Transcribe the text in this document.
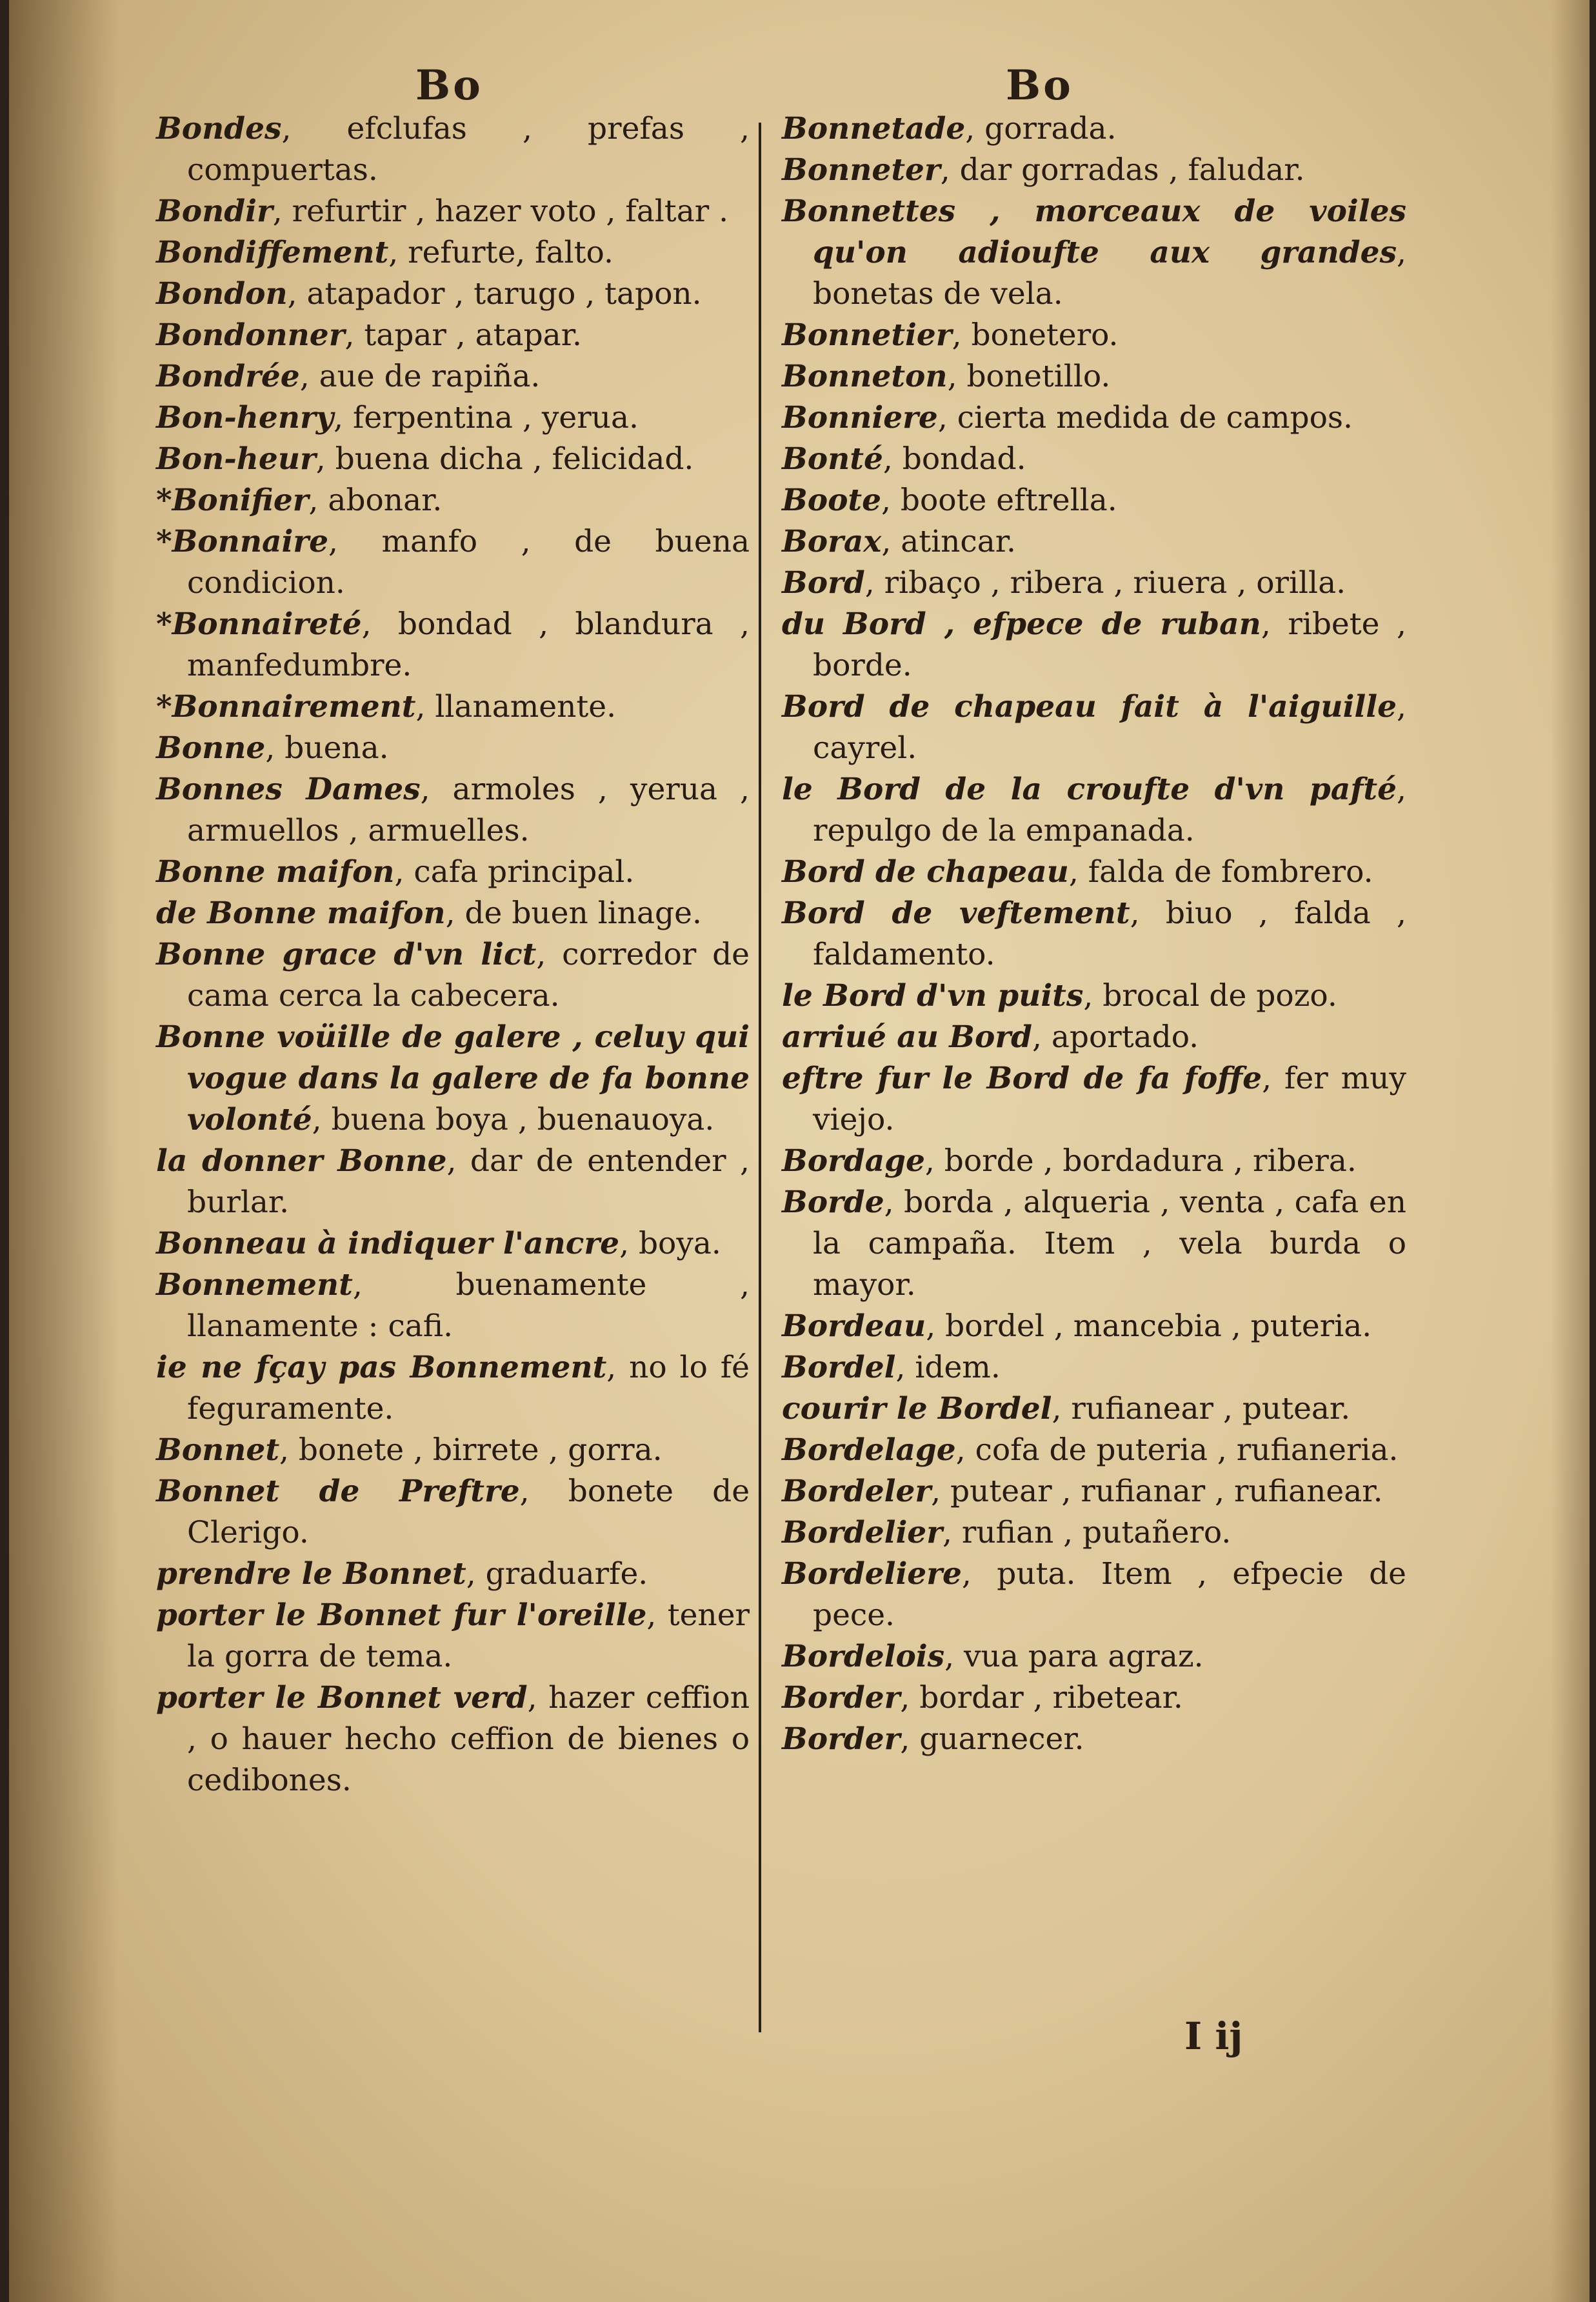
Bo	Bo
Bondes, efclufas , prefas , compuertas.
Bondir, refurtir , hazer voto , faltar .
Bondiffement, refurte, falto.
Bondon, atapador , tarugo , tapon.
Bondonner, tapar , atapar.
Bondrée, aue de rapiña.
Bon-henry, ferpentina , yerua.
Bon-heur, buena dicha , felicidad.
*Bonifier, abonar.
*Bonnaire, manfo , de buena condicion.
*Bonnaireté, bondad , blandura , manfedumbre.
*Bonnairement, llanamente.
Bonne, buena.
Bonnes Dames, armoles , yerua , armuellos , armuelles.
Bonne maifon, cafa principal.
de Bonne maifon, de buen linage.
Bonne grace d'vn lict, corredor de cama cerca la cabecera.
Bonne voüille de galere , celuy qui vogue dans la galere de fa bonne volonté, buena boya , buenauoya.
la donner Bonne, dar de entender , burlar.
Bonneau à indiquer l'ancre, boya.
Bonnement, buenamente , llanamente : cafi.
ie ne fçay pas Bonnement, no lo fé feguramente.
Bonnet, bonete , birrete , gorra.
Bonnet de Preftre, bonete de Clerigo.
prendre le Bonnet, graduarfe.
porter le Bonnet fur l'oreille, tener la gorra de tema.
porter le Bonnet verd, hazer ceffion , o hauer hecho ceffion de bienes o cedibones.
Bonnetade, gorrada.
Bonneter, dar gorradas , faludar.
Bonnettes , morceaux de voiles qu'on adioufte aux grandes, bonetas de vela.
Bonnetier, bonetero.
Bonneton, bonetillo.
Bonniere, cierta medida de campos.
Bonté, bondad.
Boote, boote eftrella.
Borax, atincar.
Bord, ribaço , ribera , riuera , orilla.
du Bord , efpece de ruban, ribete , borde.
Bord de chapeau fait à l'aiguille, cayrel.
le Bord de la croufte d'vn pafté, repulgo de la empanada.
Bord de chapeau, falda de fombrero.
Bord de veftement, biuo , falda , faldamento.
le Bord d'vn puits, brocal de pozo.
arriué au Bord, aportado.
eftre fur le Bord de fa foffe, fer muy viejo.
Bordage, borde , bordadura , ribera.
Borde, borda , alqueria , venta , cafa en la campaña. Item , vela burda o mayor.
Bordeau, bordel , mancebia , puteria.
Bordel, idem.
courir le Bordel, rufianear , putear.
Bordelage, cofa de puteria , rufianeria.
Bordeler, putear , rufianar , rufianear.
Bordelier, rufian , putañero.
Bordeliere, puta. Item , efpecie de pece.
Bordelois, vua para agraz.
Border, bordar , ribetear.
Border, guarnecer.
I ij
